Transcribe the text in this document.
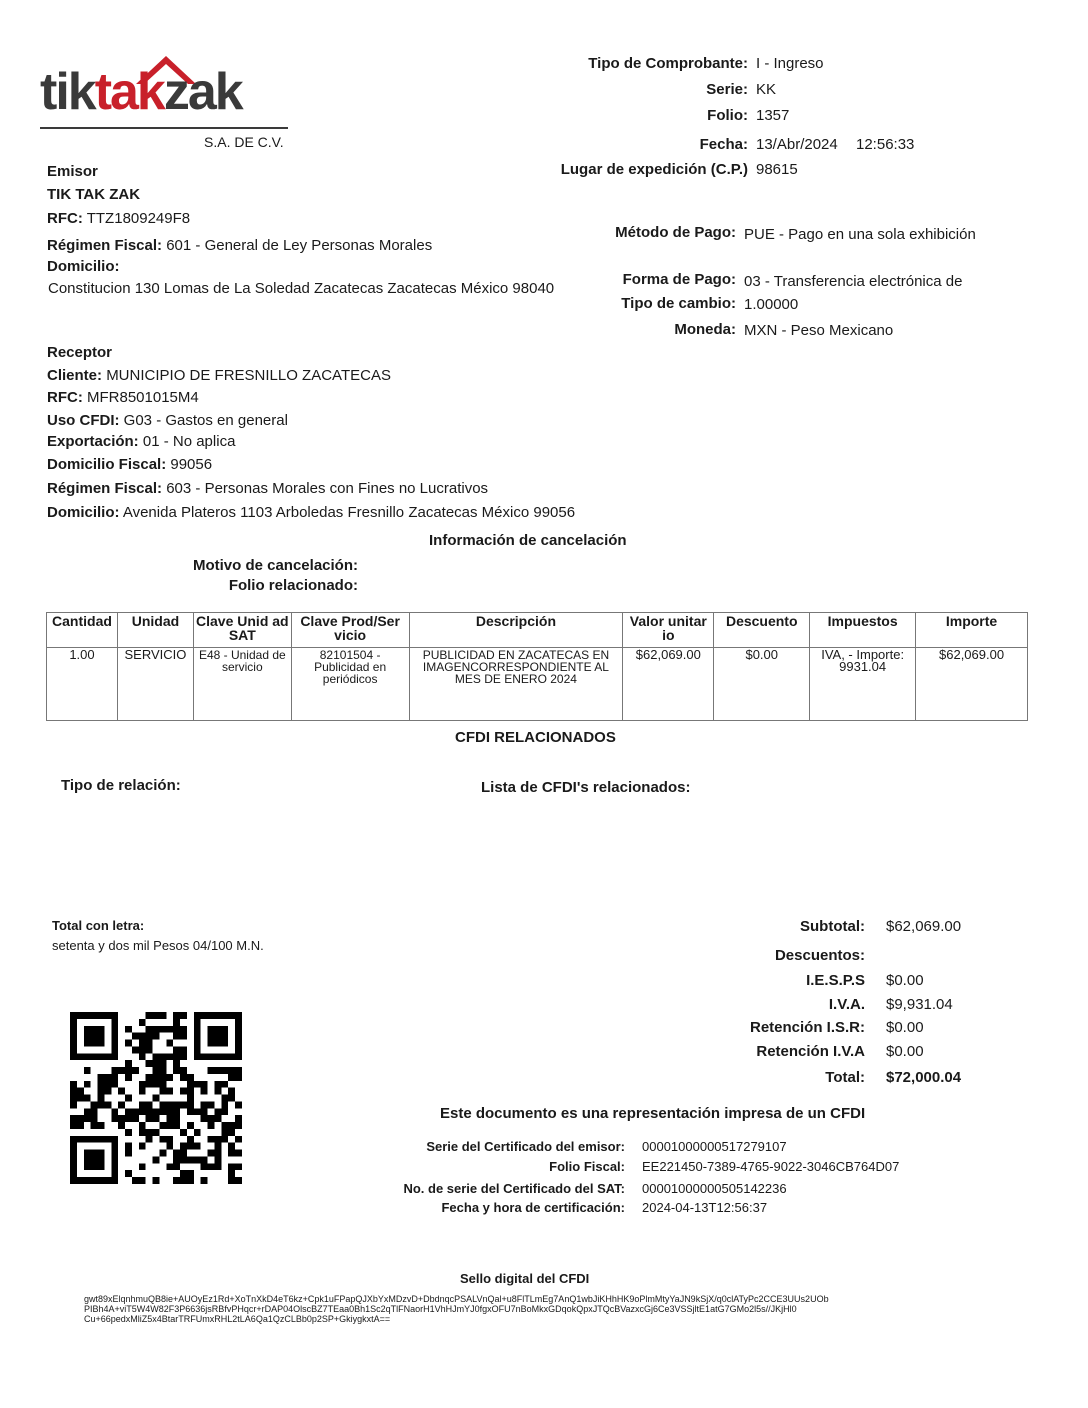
tiktakzak
S.A. DE C.V.
Tipo de Comprobante: I - Ingreso
Serie: KK
Folio: 1357
Fecha: 13/Abr/2024 12:56:33
Lugar de expedición (C.P.) 98615
Método de Pago: PUE - Pago en una sola exhibición
Forma de Pago: 03 - Transferencia electrónica de
Tipo de cambio: 1.00000
Moneda: MXN - Peso Mexicano
Emisor
TIK TAK ZAK
RFC: TTZ1809249F8
Régimen Fiscal: 601 - General de Ley Personas Morales
Domicilio:
Constitucion 130 Lomas de La Soledad Zacatecas Zacatecas México 98040
Receptor
Cliente: MUNICIPIO DE FRESNILLO ZACATECAS
RFC: MFR8501015M4
Uso CFDI: G03 - Gastos en general
Exportación: 01 - No aplica
Domicilio Fiscal: 99056
Régimen Fiscal: 603 - Personas Morales con Fines no Lucrativos
Domicilio: Avenida Plateros 1103 Arboledas Fresnillo Zacatecas México 99056
Información de cancelación
Motivo de cancelación:
Folio relacionado:
Cantidad	Unidad	Clave Unid ad SAT	Clave Prod/Ser vicio	Descripción	Valor unitar io	Descuento	Impuestos	Importe
1.00	SERVICIO	E48 - Unidad de servicio	82101504 - Publicidad en periódicos	PUBLICIDAD EN ZACATECAS EN IMAGENCORRESPONDIENTE AL MES DE ENERO 2024	$62,069.00	$0.00	IVA, - Importe: 9931.04	$62,069.00
CFDI RELACIONADOS
Tipo de relación:	Lista de CFDI's relacionados:
Total con letra:
setenta y dos mil Pesos 04/100 M.N.
Subtotal: $62,069.00
Descuentos:
I.E.S.P.S $0.00
I.V.A. $9,931.04
Retención I.S.R: $0.00
Retención I.V.A $0.00
Total: $72,000.04
Este documento es una representación impresa de un CFDI
Serie del Certificado del emisor: 00001000000517279107
Folio Fiscal: EE221450-7389-4765-9022-3046CB764D07
No. de serie del Certificado del SAT: 00001000000505142236
Fecha y hora de certificación: 2024-04-13T12:56:37
Sello digital del CFDI
gwt89xElqnhmuQB8ie+AUOyEz1Rd+XoTnXkD4eT6kz+Cpk1uFPapQJXbYxMDzvD+DbdnqcPSALVnQal+u8FlTLmEg7AnQ1wbJiKHhHK9oPlmMtyYaJN9kSjX/q0clATyPc2CCE3UUs2UOb
PIBh4A+viT5W4W82F3P6636jsRBfvPHqcr+rDAP04OlscBZ7TEaa0Bh1Sc2qTlFNaorH1VhHJmYJ0fgxOFU7nBoMkxGDqokQpxJTQcBVazxcGj6Ce3VSSjltE1atG7GMo2l5s//JKjHl0
Cu+66pedxMliZ5x4BtarTRFUmxRHL2tLA6Qa1QzCLBb0p2SP+GkiygkxtA==
